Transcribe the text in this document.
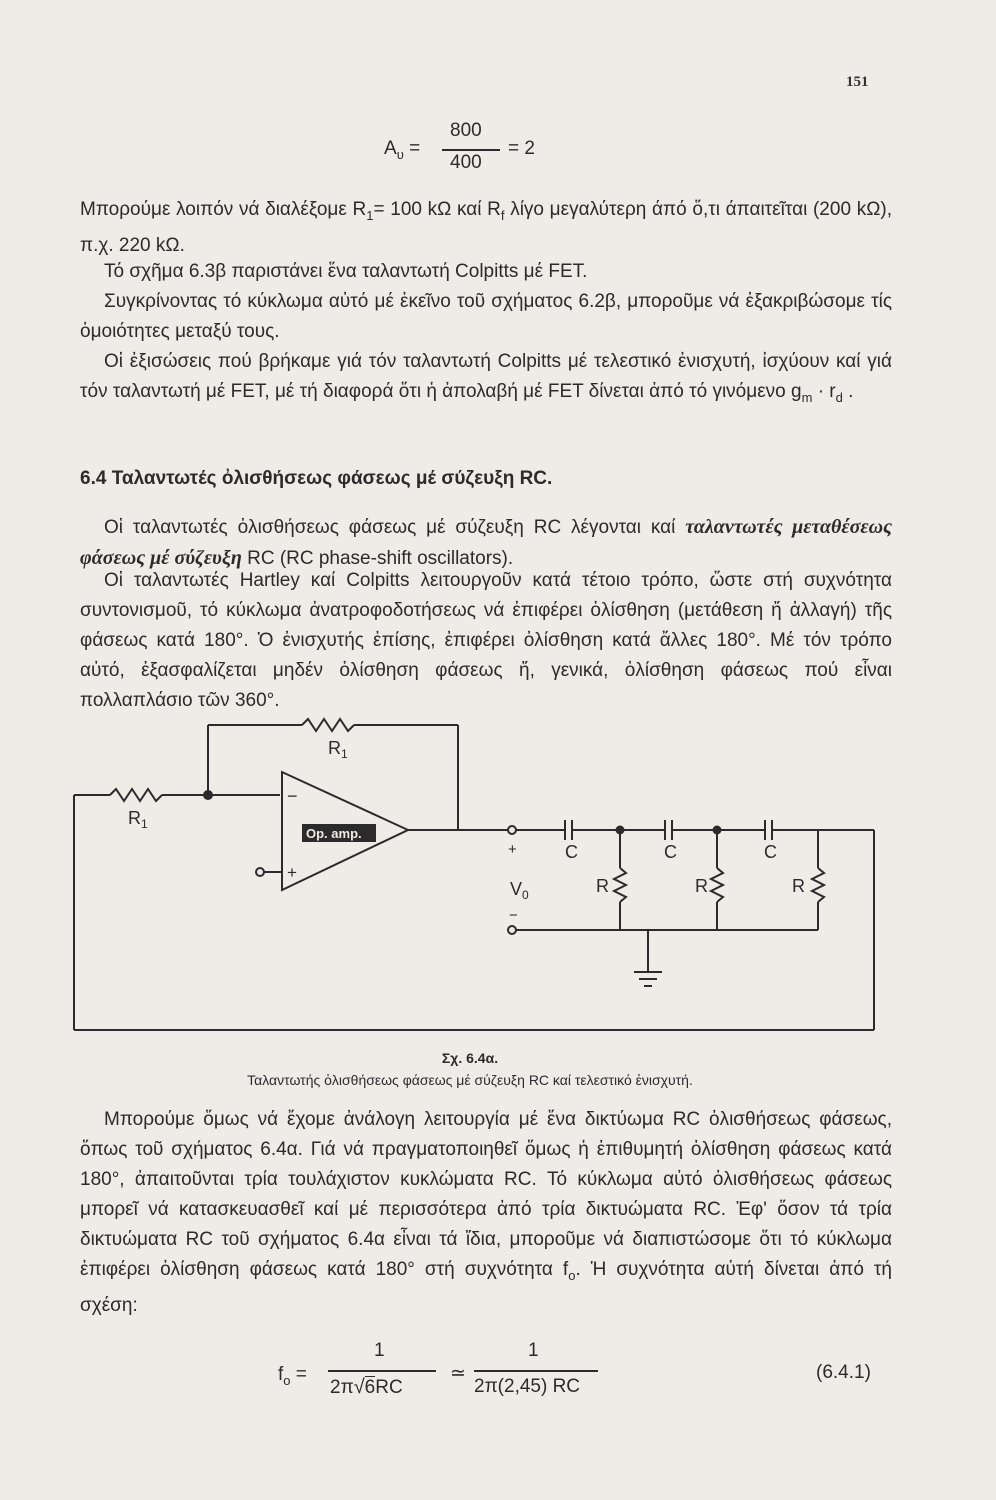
151
$A_\upsilon$ =
800
400
= 2

Μπορούμε λοιπόν νά διαλέξομε $R_1= 100$ kΩ καί $R_f$ λίγο μεγαλύτερη άπό ὅ,τι άπαιτεῖται (200 kΩ), π.χ. 220 kΩ.

Τό σχῆμα 6.3β παριστάνει ἕνα ταλαντωτή Colpitts μέ FET.

Συγκρίνοντας τό κύκλωμα αὐτό μέ ἐκεῖνο τοῦ σχήματος 6.2β, μποροῦμε νά ἐξακριβώσομε τίς ὁμοιότητες μεταξύ τους.

Οἱ ἐξισώσεις πού βρήκαμε γιά τόν ταλαντωτή Colpitts μέ τελεστικό ἐνισχυτή, ἰσχύουν καί γιά τόν ταλαντωτή μέ FET, μέ τή διαφορά ὅτι ἡ ἀπολαβή μέ FET δίνεται ἀπό τό γινόμενο $g_m \cdot r_d$ .

6.4 Ταλαντωτές ὀλισθήσεως φάσεως μέ σύζευξη RC.

Οἱ ταλαντωτές ὀλισθήσεως φάσεως μέ σύζευξη RC λέγονται καί ταλαντωτές μεταθέσεως φάσεως μέ σύζευξη RC (RC phase-shift oscillators).

Οἱ ταλαντωτές Hartley καί Colpitts λειτουργοῦν κατά τέτοιο τρόπο, ὥστε στή συχνότητα συντονισμοῦ, τό κύκλωμα ἀνατροφοδοτήσεως νά ἐπιφέρει ὀλίσθηση (μετάθεση ἤ ἀλλαγή) τῆς φάσεως κατά 180°. Ὁ ἐνισχυτής ἐπίσης, ἐπιφέρει ὀλίσθηση κατά ἄλλες 180°. Μέ τόν τρόπο αὐτό, ἐξασφαλίζεται μηδέν ὀλίσθηση φάσεως ἤ, γενικά, ὀλίσθηση φάσεως πού εἶναι πολλαπλάσιο τῶν 360°.

$R_1$
$R_1$
−
+
Op. amp.
+
$V_0$
−
C	C	C
R	R	R
Σχ. 6.4α.
Ταλαντωτής ὀλισθήσεως φάσεως μέ σύζευξη RC καί τελεστικό ἐνισχυτή.

Μπορούμε ὅμως νά ἔχομε ἀνάλογη λειτουργία μέ ἕνα δικτύωμα RC ὀλισθήσεως φάσεως, ὅπως τοῦ σχήματος 6.4α. Γιά νά πραγματοποιηθεῖ ὅμως ἡ ἐπιθυμητή ὀλίσθηση φάσεως κατά 180°, ἀπαιτοῦνται τρία τουλάχιστον κυκλώματα RC. Τό κύκλωμα αὐτό ὀλισθήσεως φάσεως μπορεῖ νά κατασκευασθεῖ καί μέ περισσότερα ἀπό τρία δικτυώματα RC. Ἐφ' ὅσον τά τρία δικτυώματα RC τοῦ σχήματος 6.4α εἶναι τά ἴδια, μποροῦμε νά διαπιστώσομε ὅτι τό κύκλωμα ἐπιφέρει ὀλίσθηση φάσεως κατά 180° στή συχνότητα $f_o$. Ἡ συχνότητα αὐτή δίνεται ἀπό τή σχέση:

$f_o$ =
1
2π√6RC
≃
1
2π(2,45) RC
(6.4.1)
